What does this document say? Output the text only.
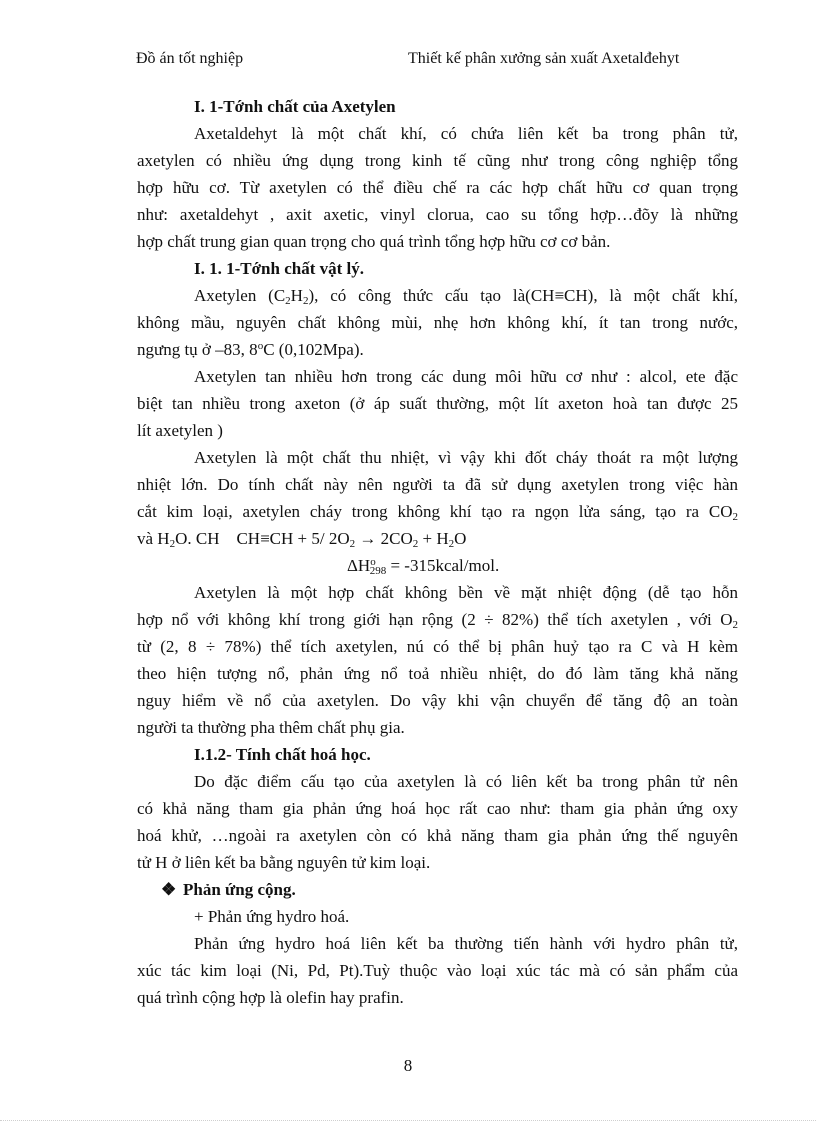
Đồ án tốt nghiệp	Thiết kế phân xưởng sản xuất Axetalđehyt
I. 1-Tớnh chất của Axetylen
Axetaldehyt là một chất khí, có chứa liên kết ba trong phân tử,
axetylen có nhiều ứng dụng trong kinh tế cũng như trong công nghiệp tổng
hợp hữu cơ. Từ axetylen có thể điều chế ra các hợp chất hữu cơ quan trọng
như: axetaldehyt , axit axetic, vinyl clorua, cao su tổng hợp…đõy là những
hợp chất trung gian quan trọng cho quá trình tổng hợp hữu cơ cơ bản.
I. 1. 1-Tớnh chất vật lý.
Axetylen $(C_2H_2)$, có công thức cấu tạo là(CH≡CH), là một chất khí,
không mầu, nguyên chất không mùi, nhẹ hơn không khí, ít tan trong nước,
ngưng tụ ở –83, 8$^o$C (0,102Mpa).
Axetylen tan nhiều hơn trong các dung môi hữu cơ như : alcol, ete đặc
biệt tan nhiều trong axeton (ở áp suất thường, một lít axeton hoà tan được 25
lít axetylen )
Axetylen là một chất thu nhiệt, vì vậy khi đốt cháy thoát ra một lượng
nhiệt lớn. Do tính chất này nên người ta đã sử dụng axetylen trong việc hàn
cắt kim loại, axetylen cháy trong không khí tạo ra ngọn lửa sáng, tạo ra $CO_2$
và $H_2O$. CH    CH≡CH + 5/ $2O_2 \to 2CO_2 + H_2O$
$\Delta H^o_{298}$ = -315kcal/mol.
Axetylen là một hợp chất không bền về mặt nhiệt động (dễ tạo hỗn
hợp nổ với không khí trong giới hạn rộng (2 ÷ 82%) thể tích axetylen , với $O_2$
từ (2, 8 ÷ 78%) thể tích axetylen, nú có thể bị phân huỷ tạo ra C và H kèm
theo hiện tượng nổ, phản ứng nổ toả nhiều nhiệt, do đó làm tăng khả năng
nguy hiểm về nổ của axetylen. Do vậy khi vận chuyển để tăng độ an toàn
người ta thường pha thêm chất phụ gia.
I.1.2- Tính chất hoá học.
Do đặc điểm cấu tạo của axetylen là có liên kết ba trong phân tử nên
có khả năng tham gia phản ứng hoá học rất cao như: tham gia phản ứng oxy
hoá khử, …ngoài ra axetylen còn có khả năng tham gia phản ứng thế nguyên
tử H ở liên kết ba bằng nguyên tử kim loại.
❖ Phản ứng cộng.
+ Phản ứng hydro hoá.
Phản ứng hydro hoá liên kết ba thường tiến hành với hydro phân tử,
xúc tác kim loại (Ni, Pd, Pt).Tuỳ thuộc vào loại xúc tác mà có sản phẩm của
quá trình cộng hợp là olefin hay prafin.
8
